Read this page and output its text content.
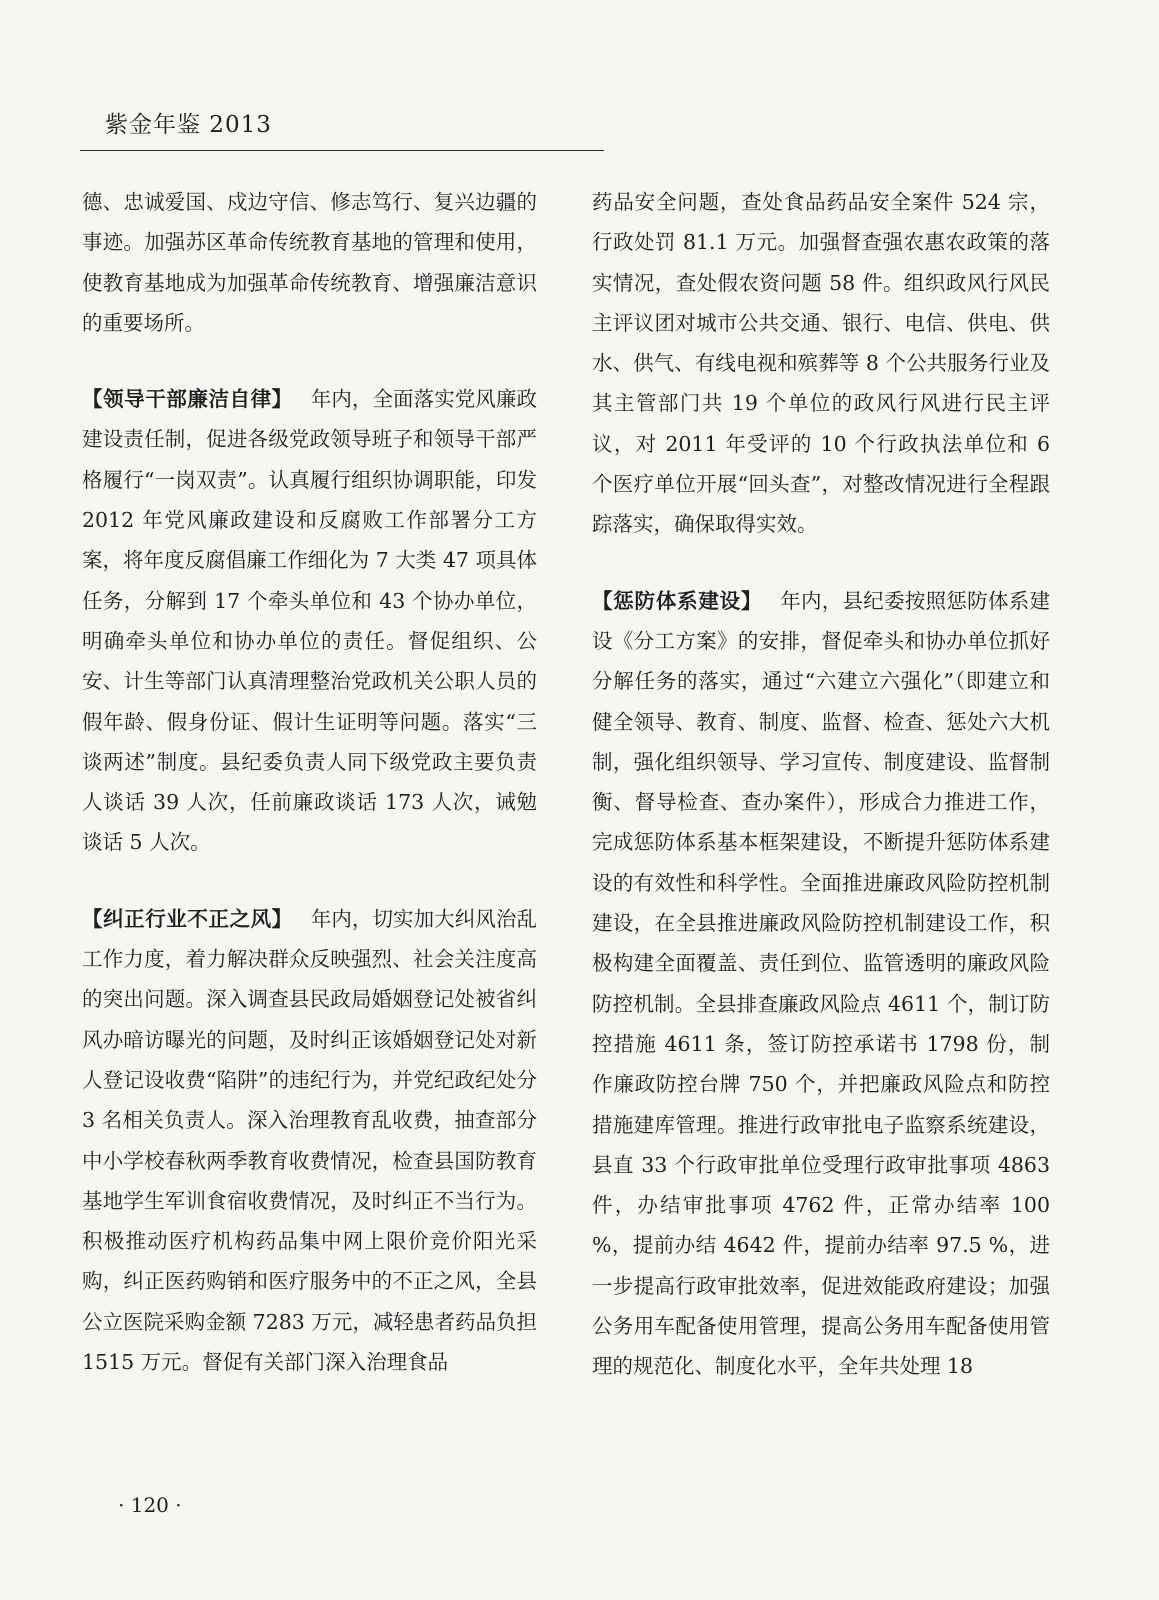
紫金年鉴 2013

德、忠诚爱国、戍边守信、修志笃行、复兴边疆的事迹。加强苏区革命传统教育基地的管理和使用，使教育基地成为加强革命传统教育、增强廉洁意识的重要场所。

【领导干部廉洁自律】 年内，全面落实党风廉政建设责任制，促进各级党政领导班子和领导干部严格履行“一岗双责”。认真履行组织协调职能，印发 2012 年党风廉政建设和反腐败工作部署分工方案，将年度反腐倡廉工作细化为 7 大类 47 项具体任务，分解到 17 个牵头单位和 43 个协办单位，明确牵头单位和协办单位的责任。督促组织、公安、计生等部门认真清理整治党政机关公职人员的假年龄、假身份证、假计生证明等问题。落实“三谈两述”制度。县纪委负责人同下级党政主要负责人谈话 39 人次，任前廉政谈话 173 人次，诫勉谈话 5 人次。

【纠正行业不正之风】 年内，切实加大纠风治乱工作力度，着力解决群众反映强烈、社会关注度高的突出问题。深入调查县民政局婚姻登记处被省纠风办暗访曝光的问题，及时纠正该婚姻登记处对新人登记设收费“陷阱”的违纪行为，并党纪政纪处分 3 名相关负责人。深入治理教育乱收费，抽查部分中小学校春秋两季教育收费情况，检查县国防教育基地学生军训食宿收费情况，及时纠正不当行为。积极推动医疗机构药品集中网上限价竞价阳光采购，纠正医药购销和医疗服务中的不正之风，全县公立医院采购金额 7283 万元，减轻患者药品负担 1515 万元。督促有关部门深入治理食品

药品安全问题，查处食品药品安全案件 524 宗，行政处罚 81.1 万元。加强督查强农惠农政策的落实情况，查处假农资问题 58 件。组织政风行风民主评议团对城市公共交通、银行、电信、供电、供水、供气、有线电视和殡葬等 8 个公共服务行业及其主管部门共 19 个单位的政风行风进行民主评议，对 2011 年受评的 10 个行政执法单位和 6 个医疗单位开展“回头查”，对整改情况进行全程跟踪落实，确保取得实效。

【惩防体系建设】 年内，县纪委按照惩防体系建设《分工方案》的安排，督促牵头和协办单位抓好分解任务的落实，通过“六建立六强化”（即建立和健全领导、教育、制度、监督、检查、惩处六大机制，强化组织领导、学习宣传、制度建设、监督制衡、督导检查、查办案件），形成合力推进工作，完成惩防体系基本框架建设，不断提升惩防体系建设的有效性和科学性。全面推进廉政风险防控机制建设，在全县推进廉政风险防控机制建设工作，积极构建全面覆盖、责任到位、监管透明的廉政风险防控机制。全县排查廉政风险点 4611 个，制订防控措施 4611 条，签订防控承诺书 1798 份，制作廉政防控台牌 750 个，并把廉政风险点和防控措施建库管理。推进行政审批电子监察系统建设，县直 33 个行政审批单位受理行政审批事项 4863 件，办结审批事项 4762 件，正常办结率 100 %，提前办结 4642 件，提前办结率 97.5 %，进一步提高行政审批效率，促进效能政府建设；加强公务用车配备使用管理，提高公务用车配备使用管理的规范化、制度化水平，全年共处理 18

· 120 ·
